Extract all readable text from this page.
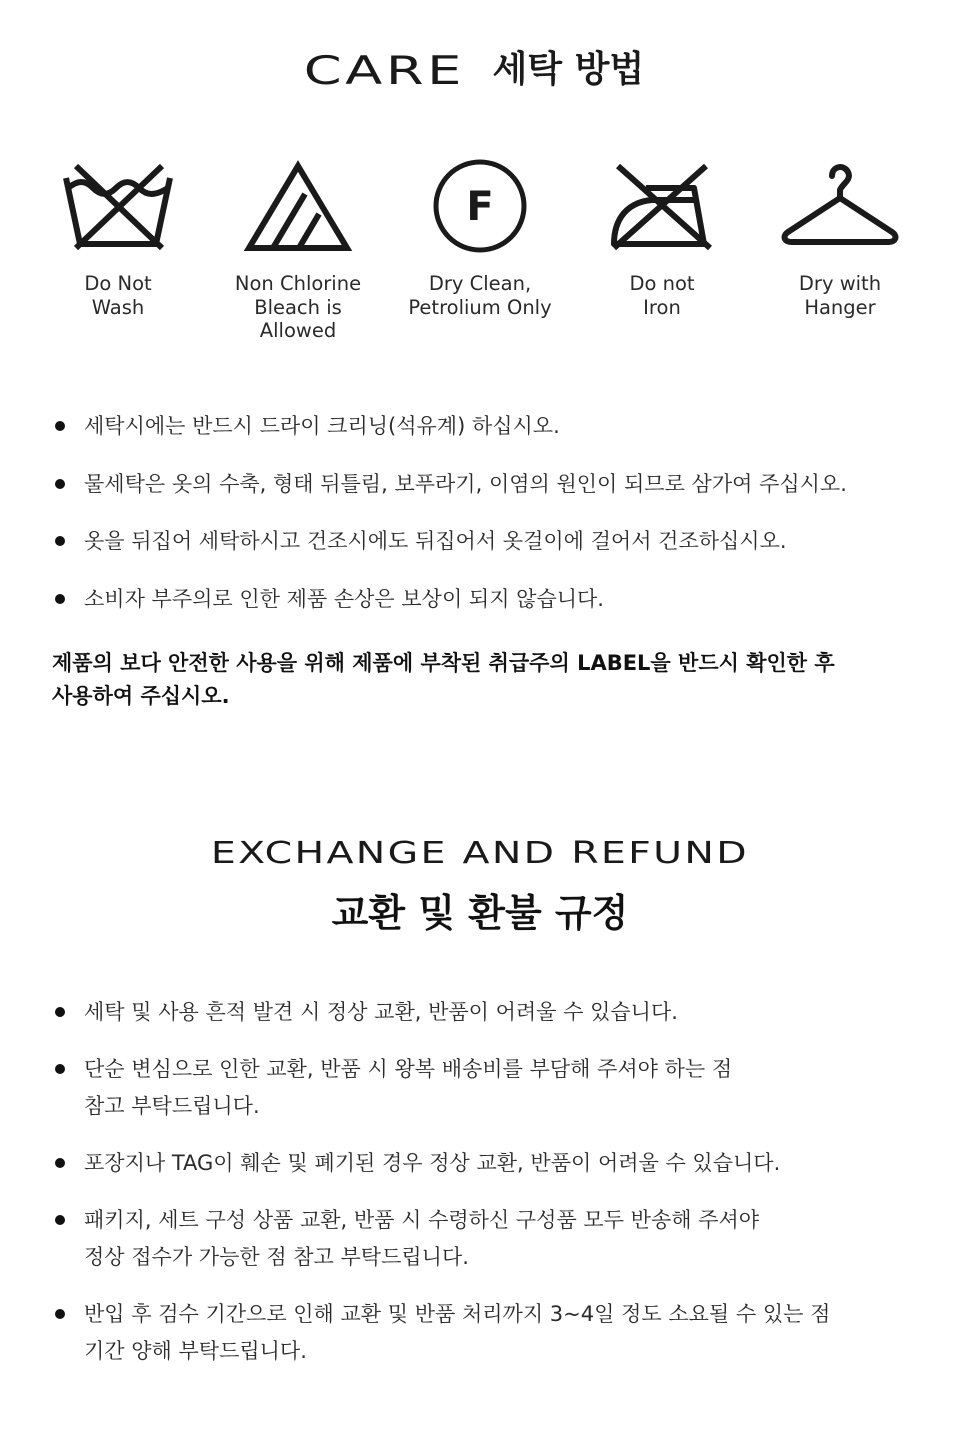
CARE 세탁 방법
Do Not
Wash
Non Chlorine
Bleach is
Allowed
F
Dry Clean,
Petrolium Only
Do not
Iron
Dry with
Hanger
세탁시에는 반드시 드라이 크리닝(석유계) 하십시오.
물세탁은 옷의 수축, 형태 뒤틀림, 보푸라기, 이염의 원인이 되므로 삼가여 주십시오.
옷을 뒤집어 세탁하시고 건조시에도 뒤집어서 옷걸이에 걸어서 건조하십시오.
소비자 부주의로 인한 제품 손상은 보상이 되지 않습니다.
제품의 보다 안전한 사용을 위해 제품에 부착된 취급주의 LABEL을 반드시 확인한 후
사용하여 주십시오.
EXCHANGE AND REFUND
교환 및 환불 규정
세탁 및 사용 흔적 발견 시 정상 교환, 반품이 어려울 수 있습니다.
단순 변심으로 인한 교환, 반품 시 왕복 배송비를 부담해 주셔야 하는 점
참고 부탁드립니다.
포장지나 TAG이 훼손 및 폐기된 경우 정상 교환, 반품이 어려울 수 있습니다.
패키지, 세트 구성 상품 교환, 반품 시 수령하신 구성품 모두 반송해 주셔야
정상 접수가 가능한 점 참고 부탁드립니다.
반입 후 검수 기간으로 인해 교환 및 반품 처리까지 3~4일 정도 소요될 수 있는 점
기간 양해 부탁드립니다.
